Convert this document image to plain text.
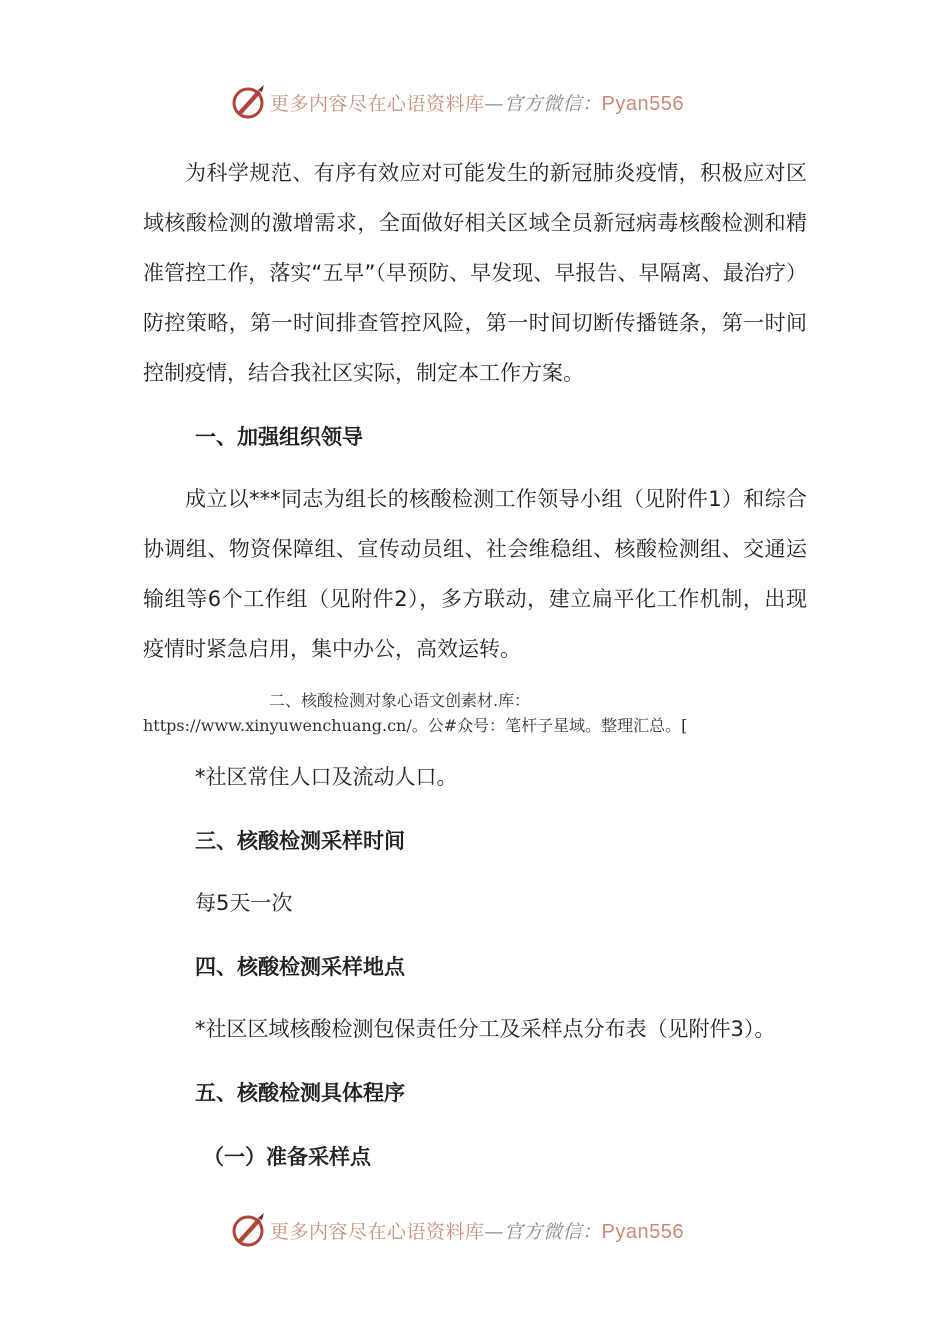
更多内容尽在心语资料库—官方微信：Pyan556

为科学规范、有序有效应对可能发生的新冠肺炎疫情，积极应对区域核酸检测的激增需求，全面做好相关区域全员新冠病毒核酸检测和精准管控工作，落实“五早”（早预防、早发现、早报告、早隔离、最治疗）防控策略，第一时间排查管控风险，第一时间切断传播链条，第一时间控制疫情，结合我社区实际，制定本工作方案。

一、加强组织领导

成立以***同志为组长的核酸检测工作领导小组（见附件1）和综合协调组、物资保障组、宣传动员组、社会维稳组、核酸检测组、交通运输组等6个工作组（见附件2），多方联动，建立扁平化工作机制，出现疫情时紧急启用，集中办公，高效运转。

二、核酸检测对象心语文创素材.库：
https://www.xinyuwenchuang.cn/。公#众号：笔杆子星域。整理汇总。[

*社区常住人口及流动人口。

三、核酸检测采样时间

每5天一次

四、核酸检测采样地点

*社区区域核酸检测包保责任分工及采样点分布表（见附件3）。

五、核酸检测具体程序

（一）准备采样点

更多内容尽在心语资料库—官方微信：Pyan556
